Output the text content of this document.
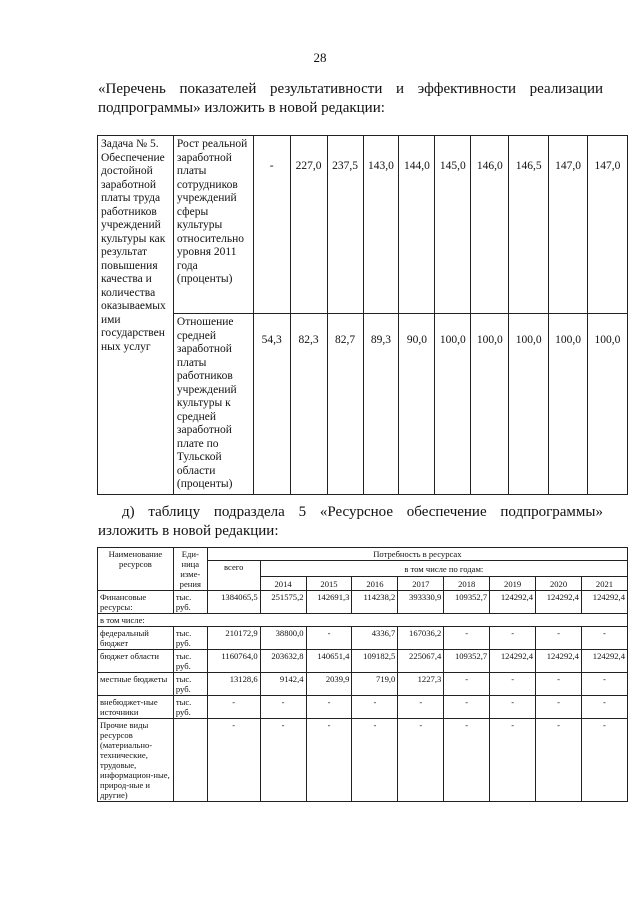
28
«Перечень показателей результативности и эффективности реализации подпрограммы» изложить в новой редакции:
Задача № 5. Обеспечение достойной заработной платы труда работников учреждений культуры как результат повышения качества и количества оказываемых ими государствен ных услуг	Рост реальной заработной платы сотрудников учреждений сферы культуры относительно уровня 2011 года (проценты)	-	227,0	237,5	143,0	144,0	145,0	146,0	146,5	147,0	147,0
	Отношение средней заработной платы работников учреждений культуры к средней заработной плате по Тульской области (проценты)	54,3	82,3	82,7	89,3	90,0	100,0	100,0	100,0	100,0	100,0
д) таблицу подраздела 5 «Ресурсное обеспечение подпрограммы» изложить в новой редакции:
Наименование ресурсов	Еди-ница изме-рения	Потребность в ресурсах								
		всего	в том числе по годам:							
			2014	2015	2016	2017	2018	2019	2020	2021
Финансовые ресурсы:	тыс. руб.	1384065,5	251575,2	142691,3	114238,2	393330,9	109352,7	124292,4	124292,4	124292,4
в том числе:										
федеральный бюджет	тыс. руб.	210172,9	38800,0	-	4336,7	167036,2	-	-	-	-
бюджет области	тыс. руб.	1160764,0	203632,8	140651,4	109182,5	225067,4	109352,7	124292,4	124292,4	124292,4
местные бюджеты	тыс. руб.	13128,6	9142,4	2039,9	719,0	1227,3	-	-	-	-
внебюджет-ные источники	тыс. руб.	-	-	-	-	-	-	-	-	-
Прочие виды ресурсов (материально-технические, трудовые, информацион-ные, природ-ные и другие)		-	-	-	-	-	-	-	-	-
